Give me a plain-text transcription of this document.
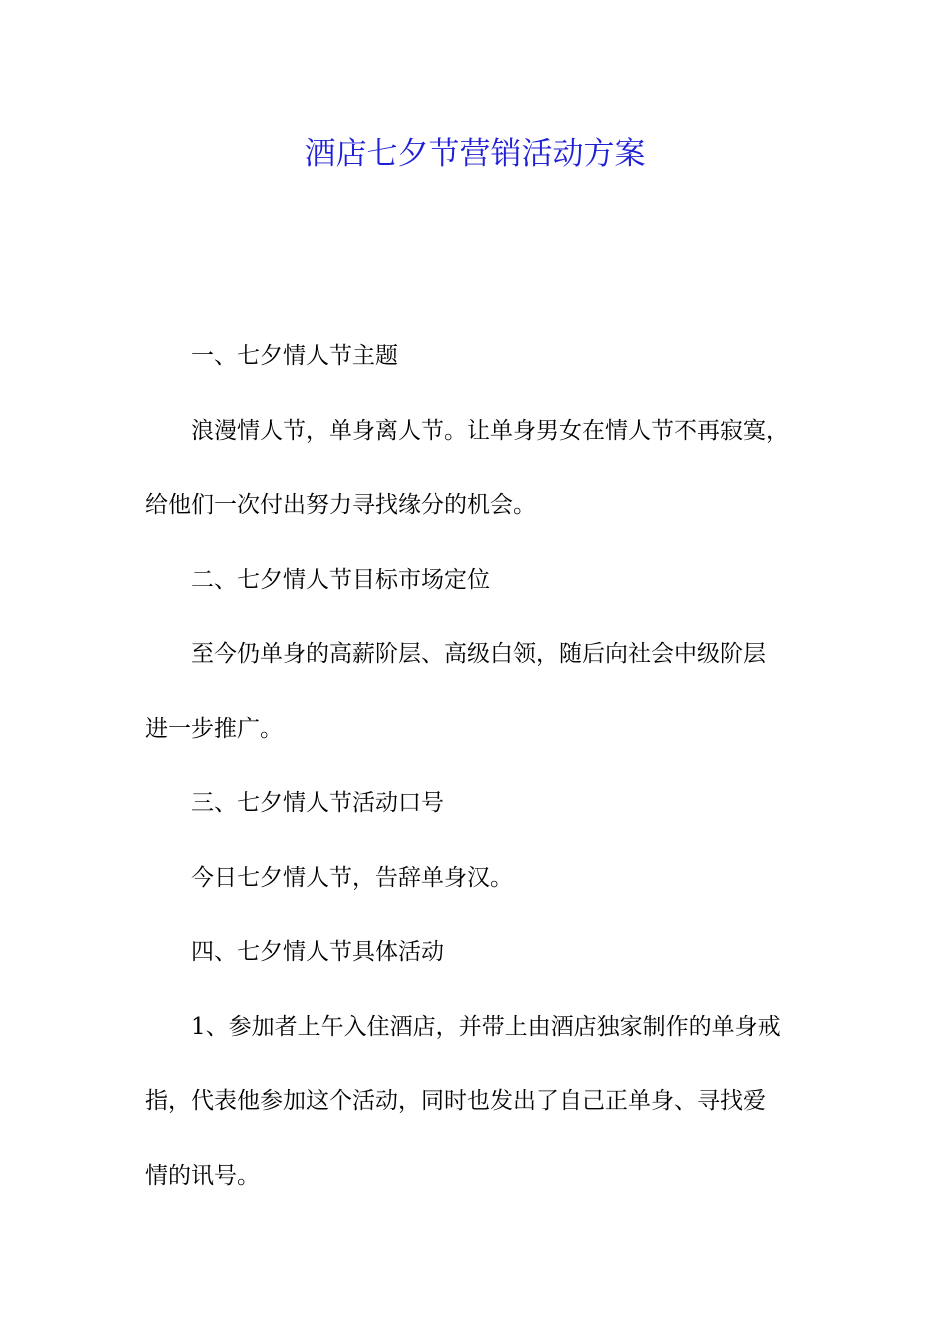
酒店七夕节营销活动方案

一、七夕情人节主题

浪漫情人节，单身离人节。让单身男女在情人节不再寂寞，

给他们一次付出努力寻找缘分的机会。

二、七夕情人节目标市场定位

至今仍单身的高薪阶层、高级白领，随后向社会中级阶层

进一步推广。

三、七夕情人节活动口号

今日七夕情人节，告辞单身汉。

四、七夕情人节具体活动

1、参加者上午入住酒店，并带上由酒店独家制作的单身戒

指，代表他参加这个活动，同时也发出了自己正单身、寻找爱

情的讯号。
